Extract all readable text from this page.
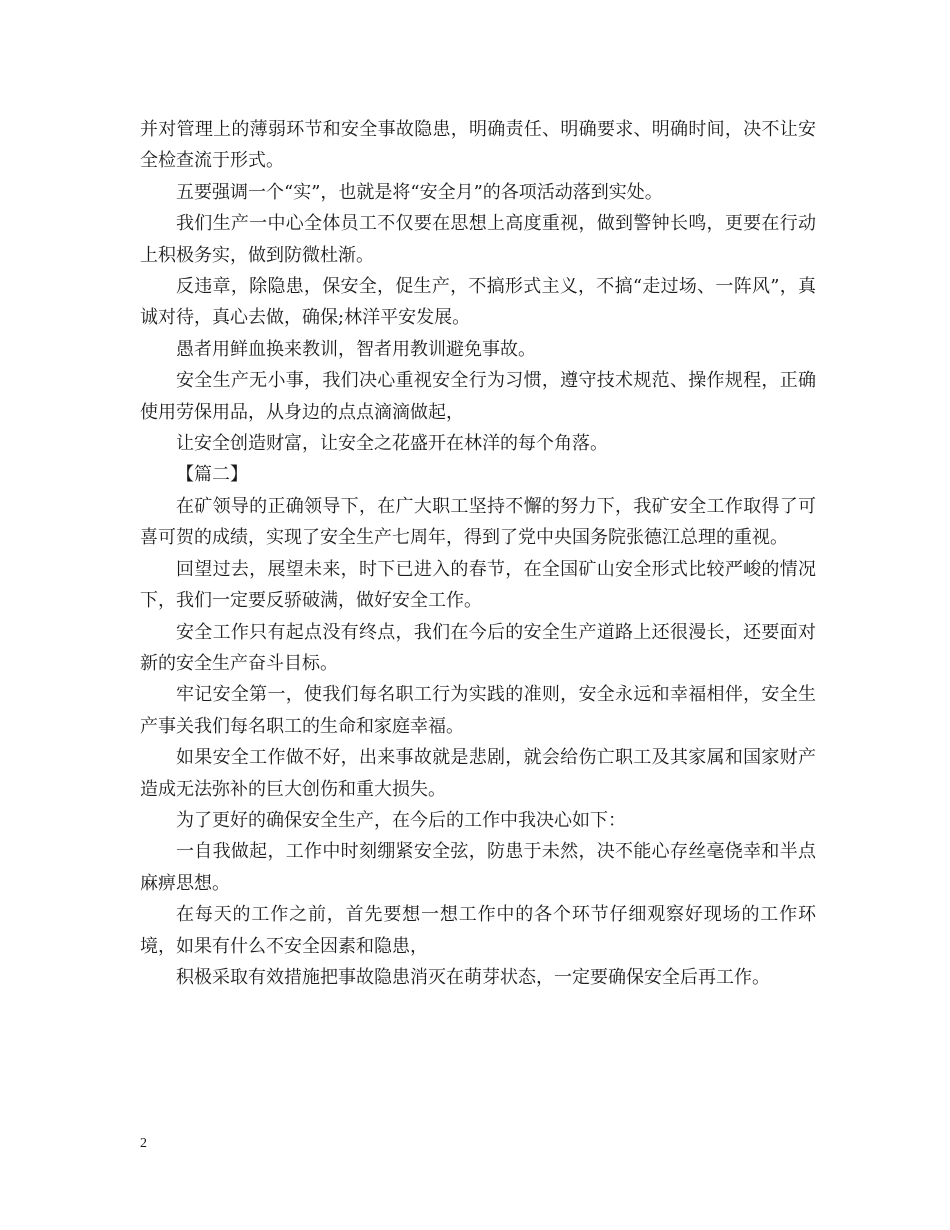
并对管理上的薄弱环节和安全事故隐患，明确责任、明确要求、明确时间，决不让安全检查流于形式。

五要强调一个“实”，也就是将“安全月”的各项活动落到实处。

我们生产一中心全体员工不仅要在思想上高度重视，做到警钟长鸣，更要在行动上积极务实，做到防微杜渐。

反违章，除隐患，保安全，促生产，不搞形式主义，不搞“走过场、一阵风”，真诚对待，真心去做，确保;林洋平安发展。

愚者用鲜血换来教训，智者用教训避免事故。

安全生产无小事，我们决心重视安全行为习惯，遵守技术规范、操作规程，正确使用劳保用品，从身边的点点滴滴做起，

让安全创造财富，让安全之花盛开在林洋的每个角落。

【篇二】

在矿领导的正确领导下，在广大职工坚持不懈的努力下，我矿安全工作取得了可喜可贺的成绩，实现了安全生产七周年，得到了党中央国务院张德江总理的重视。

回望过去，展望未来，时下已进入的春节，在全国矿山安全形式比较严峻的情况下，我们一定要反骄破满，做好安全工作。

安全工作只有起点没有终点，我们在今后的安全生产道路上还很漫长，还要面对新的安全生产奋斗目标。

牢记安全第一，使我们每名职工行为实践的准则，安全永远和幸福相伴，安全生产事关我们每名职工的生命和家庭幸福。

如果安全工作做不好，出来事故就是悲剧，就会给伤亡职工及其家属和国家财产造成无法弥补的巨大创伤和重大损失。

为了更好的确保安全生产，在今后的工作中我决心如下：

一自我做起，工作中时刻绷紧安全弦，防患于未然，决不能心存丝毫侥幸和半点麻痹思想。

在每天的工作之前，首先要想一想工作中的各个环节仔细观察好现场的工作环境，如果有什么不安全因素和隐患，

积极采取有效措施把事故隐患消灭在萌芽状态，一定要确保安全后再工作。

2
